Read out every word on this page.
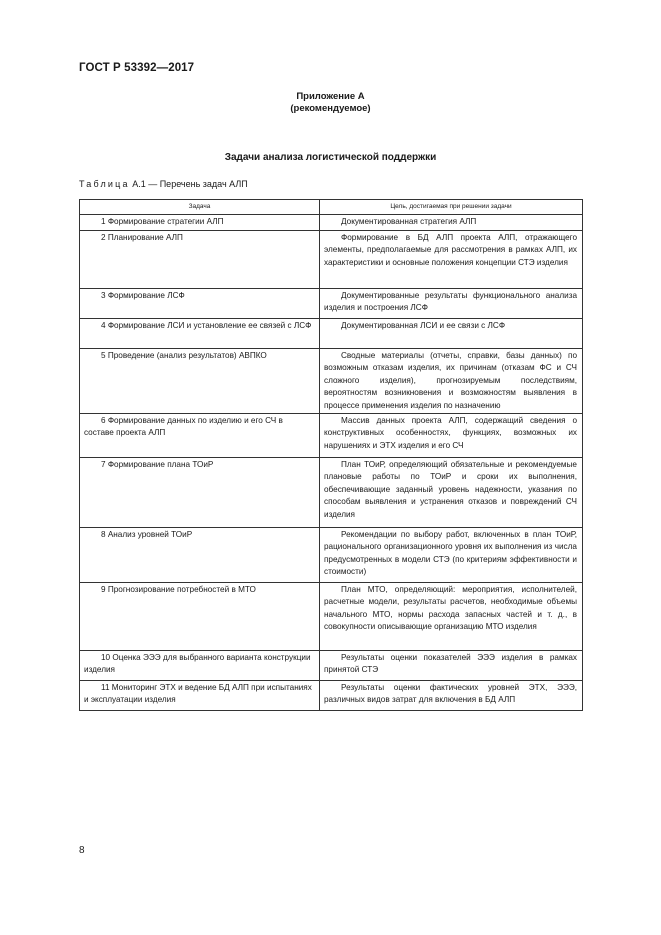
ГОСТ Р 53392—2017
Приложение А
(рекомендуемое)
Задачи анализа логистической поддержки
Таблица А.1 — Перечень задач АЛП
Задача	Цель, достигаемая при решении задачи
1 Формирование стратегии АЛП	Документированная стратегия АЛП
2 Планирование АЛП	Формирование в БД АЛП проекта АЛП, отражающего элементы, предполагаемые для рассмотрения в рамках АЛП, их характеристики и основные положения концепции СТЭ изделия
3 Формирование ЛСФ	Документированные результаты функционального анализа изделия и построения ЛСФ
4 Формирование ЛСИ и установление ее связей с ЛСФ	Документированная ЛСИ и ее связи с ЛСФ
5 Проведение (анализ результатов) АВПКО	Сводные материалы (отчеты, справки, базы данных) по возможным отказам изделия, их причинам (отказам ФС и СЧ сложного изделия), прогнозируемым последствиям, вероятностям возникновения и возможностям выявления в процессе применения изделия по назначению
6 Формирование данных по изделию и его СЧ в составе проекта АЛП	Массив данных проекта АЛП, содержащий сведения о конструктивных особенностях, функциях, возможных их нарушениях и ЭТХ изделия и его СЧ
7 Формирование плана ТОиР	План ТОиР, определяющий обязательные и рекомендуемые плановые работы по ТОиР и сроки их выполнения, обеспечивающие заданный уровень надежности, указания по способам выявления и устранения отказов и повреждений СЧ изделия
8 Анализ уровней ТОиР	Рекомендации по выбору работ, включенных в план ТОиР, рационального организационного уровня их выполнения из числа предусмотренных в модели СТЭ (по критериям эффективности и стоимости)
9 Прогнозирование потребностей в МТО	План МТО, определяющий: мероприятия, исполнителей, расчетные модели, результаты расчетов, необходимые объемы начального МТО, нормы расхода запасных частей и т. д., в совокупности описывающие организацию МТО изделия
10 Оценка ЭЭЭ для выбранного варианта конструкции изделия	Результаты оценки показателей ЭЭЭ изделия в рамках принятой СТЭ
11 Мониторинг ЭТХ и ведение БД АЛП при испытаниях и эксплуатации изделия	Результаты оценки фактических уровней ЭТХ, ЭЭЭ, различных видов затрат для включения в БД АЛП
8
